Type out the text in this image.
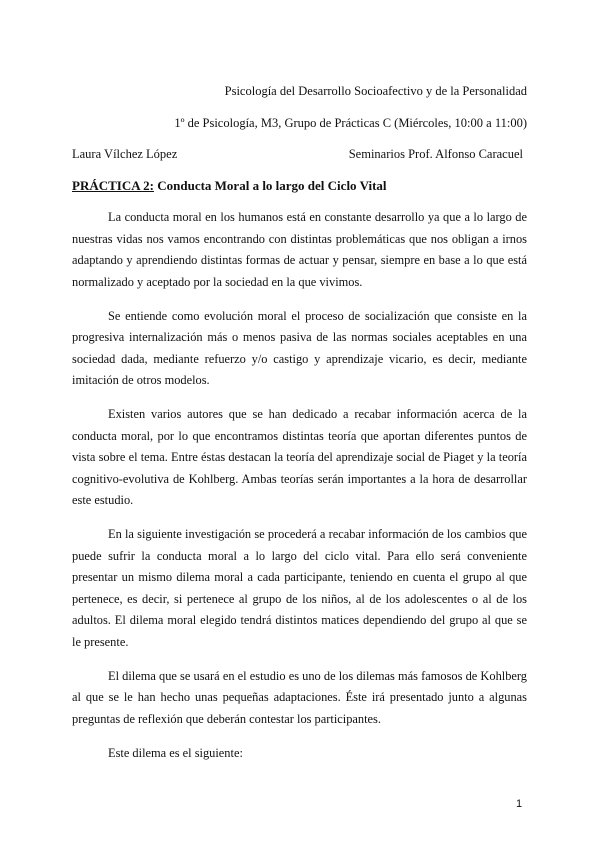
Psicología del Desarrollo Socioafectivo y de la Personalidad
1º de Psicología, M3, Grupo de Prácticas C (Miércoles, 10:00 a 11:00)
Laura Vílchez López	Seminarios Prof. Alfonso Caracuel
PRÁCTICA 2: Conducta Moral a lo largo del Ciclo Vital

La conducta moral en los humanos está en constante desarrollo ya que a lo largo de nuestras vidas nos vamos encontrando con distintas problemáticas que nos obligan a irnos adaptando y aprendiendo distintas formas de actuar y pensar, siempre en base a lo que está normalizado y aceptado por la sociedad en la que vivimos.

Se entiende como evolución moral el proceso de socialización que consiste en la progresiva internalización más o menos pasiva de las normas sociales aceptables en una sociedad dada, mediante refuerzo y/o castigo y aprendizaje vicario, es decir, mediante imitación de otros modelos.

Existen varios autores que se han dedicado a recabar información acerca de la conducta moral, por lo que encontramos distintas teoría que aportan diferentes puntos de vista sobre el tema. Entre éstas destacan la teoría del aprendizaje social de Piaget y la teoría cognitivo-evolutiva de Kohlberg. Ambas teorías serán importantes a la hora de desarrollar este estudio.

En la siguiente investigación se procederá a recabar información de los cambios que puede sufrir la conducta moral a lo largo del ciclo vital. Para ello será conveniente presentar un mismo dilema moral a cada participante, teniendo en cuenta el grupo al que pertenece, es decir, si pertenece al grupo de los niños, al de los adolescentes o al de los adultos. El dilema moral elegido tendrá distintos matices dependiendo del grupo al que se le presente.

El dilema que se usará en el estudio es uno de los dilemas más famosos de Kohlberg al que se le han hecho unas pequeñas adaptaciones. Éste irá presentado junto a algunas preguntas de reflexión que deberán contestar los participantes.

Este dilema es el siguiente:

1
